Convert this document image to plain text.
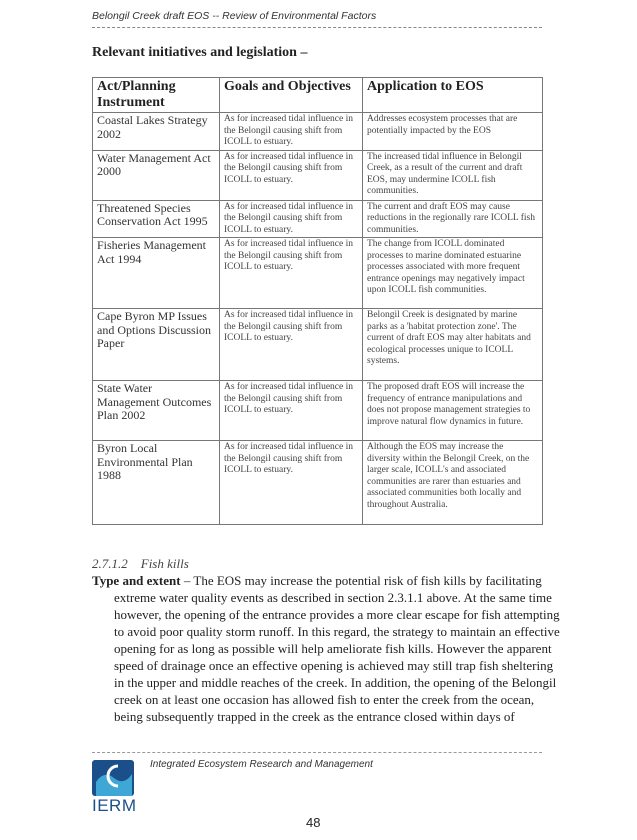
Belongil Creek draft EOS -- Review of Environmental Factors
Relevant initiatives and legislation –
Act/Planning Instrument	Goals and Objectives	Application to EOS
Coastal Lakes Strategy 2002	As for increased tidal influence in the Belongil causing shift from ICOLL to estuary.	Addresses ecosystem processes that are potentially impacted by the EOS
Water Management Act 2000	As for increased tidal influence in the Belongil causing shift from ICOLL to estuary.	The increased tidal influence in Belongil Creek, as a result of the current and draft EOS, may undermine ICOLL fish communities.
Threatened Species Conservation Act 1995	As for increased tidal influence in the Belongil causing shift from ICOLL to estuary.	The current and draft EOS may cause reductions in the regionally rare ICOLL fish communities.
Fisheries Management Act 1994	As for increased tidal influence in the Belongil causing shift from ICOLL to estuary.	The change from ICOLL dominated processes to marine dominated estuarine processes associated with more frequent entrance openings may negatively impact upon ICOLL fish communities.
Cape Byron MP Issues and Options Discussion Paper	As for increased tidal influence in the Belongil causing shift from ICOLL to estuary.	Belongil Creek is designated by marine parks as a 'habitat protection zone'. The current of draft EOS may alter habitats and ecological processes unique to ICOLL systems.
State Water Management Outcomes Plan 2002	As for increased tidal influence in the Belongil causing shift from ICOLL to estuary.	The proposed draft EOS will increase the frequency of entrance manipulations and does not propose management strategies to improve natural flow dynamics in future.
Byron Local Environmental Plan 1988	As for increased tidal influence in the Belongil causing shift from ICOLL to estuary.	Although the EOS may increase the diversity within the Belongil Creek, on the larger scale, ICOLL's and associated communities are rarer than estuaries and associated communities both locally and throughout Australia.
2.7.1.2 Fish kills

Type and extent – The EOS may increase the potential risk of fish kills by facilitating extreme water quality events as described in section 2.3.1.1 above. At the same time however, the opening of the entrance provides a more clear escape for fish attempting to avoid poor quality storm runoff. In this regard, the strategy to maintain an effective opening for as long as possible will help ameliorate fish kills. However the apparent speed of drainage once an effective opening is achieved may still trap fish sheltering in the upper and middle reaches of the creek. In addition, the opening of the Belongil creek on at least one occasion has allowed fish to enter the creek from the ocean, being subsequently trapped in the creek as the entrance closed within days of

IERM
Integrated Ecosystem Research and Management
48
